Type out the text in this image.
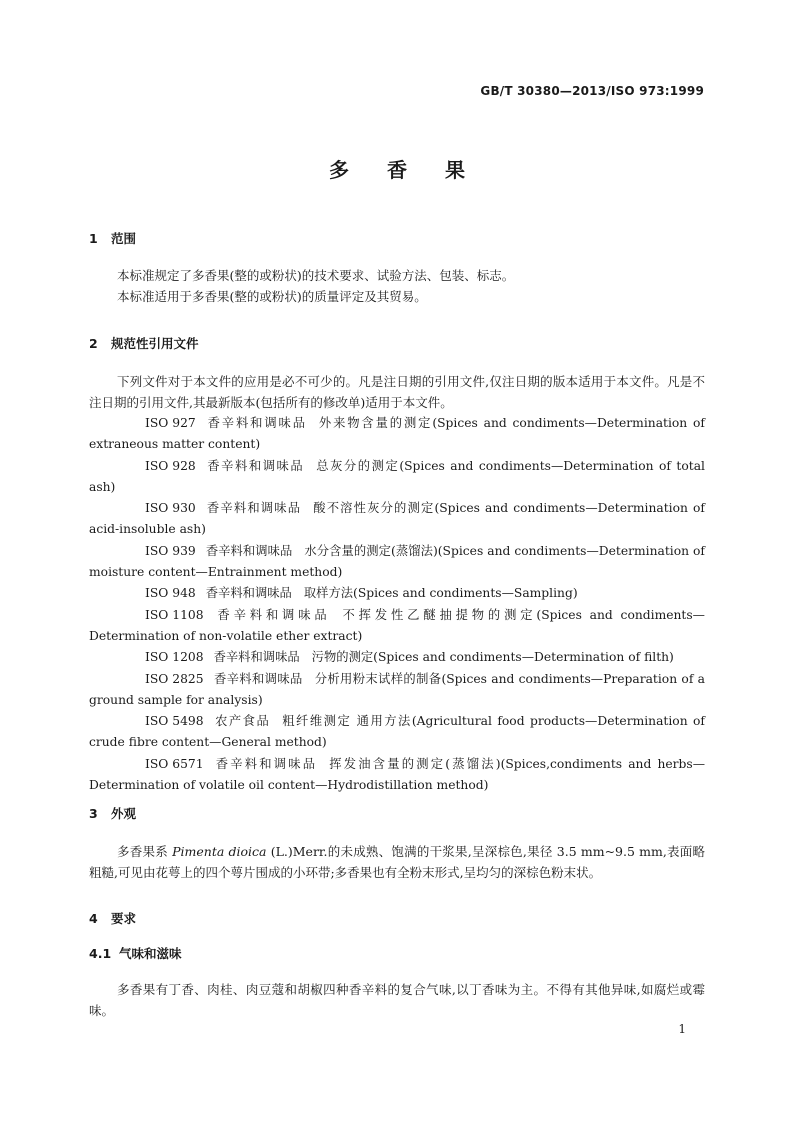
GB/T 30380—2013/ISO 973:1999
多香果
1 范围
本标准规定了多香果(整的或粉状)的技术要求、试验方法、包装、标志。
本标准适用于多香果(整的或粉状)的质量评定及其贸易。
2 规范性引用文件
下列文件对于本文件的应用是必不可少的。凡是注日期的引用文件,仅注日期的版本适用于本文件。凡是不注日期的引用文件,其最新版本(包括所有的修改单)适用于本文件。
ISO 927 香辛料和调味品 外来物含量的测定(Spices and condiments—Determination of extraneous matter content)
ISO 928 香辛料和调味品 总灰分的测定(Spices and condiments—Determination of total ash)
ISO 930 香辛料和调味品 酸不溶性灰分的测定(Spices and condiments—Determination of acid-insoluble ash)
ISO 939 香辛料和调味品 水分含量的测定(蒸馏法)(Spices and condiments—Determination of moisture content—Entrainment method)
ISO 948 香辛料和调味品 取样方法(Spices and condiments—Sampling)
ISO 1108 香辛料和调味品 不挥发性乙醚抽提物的测定(Spices and condiments—Determination of non-volatile ether extract)
ISO 1208 香辛料和调味品 污物的测定(Spices and condiments—Determination of filth)
ISO 2825 香辛料和调味品 分析用粉末试样的制备(Spices and condiments—Preparation of a ground sample for analysis)
ISO 5498 农产食品 粗纤维测定 通用方法(Agricultural food products—Determination of crude fibre content—General method)
ISO 6571 香辛料和调味品 挥发油含量的测定(蒸馏法)(Spices,condiments and herbs—Determination of volatile oil content—Hydrodistillation method)
3 外观
多香果系 Pimenta dioica (L.)Merr.的未成熟、饱满的干浆果,呈深棕色,果径 3.5 mm~9.5 mm,表面略粗糙,可见由花萼上的四个萼片围成的小环带;多香果也有全粉末形式,呈均匀的深棕色粉末状。
4 要求
4.1 气味和滋味
多香果有丁香、肉桂、肉豆蔻和胡椒四种香辛料的复合气味,以丁香味为主。不得有其他异味,如腐烂或霉味。
1
